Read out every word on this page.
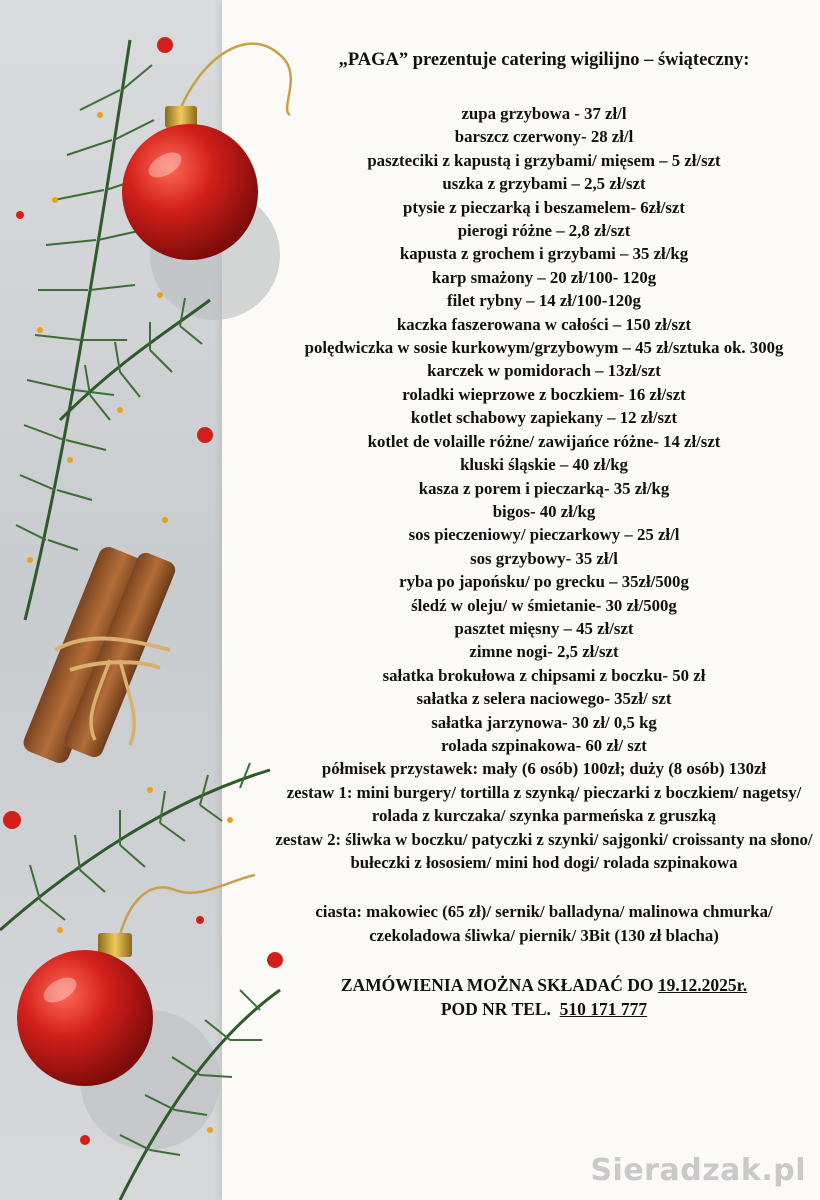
„PAGA” prezentuje catering wigilijno – świąteczny:
zupa grzybowa - 37 zł/l
barszcz czerwony- 28 zł/l
paszteciki z kapustą i grzybami/ mięsem – 5 zł/szt
uszka z grzybami – 2,5 zł/szt
ptysie z pieczarką i beszamelem- 6zł/szt
pierogi różne – 2,8 zł/szt
kapusta z grochem i grzybami – 35 zł/kg
karp smażony – 20 zł/100- 120g
filet rybny – 14 zł/100-120g
kaczka faszerowana w całości – 150 zł/szt
polędwiczka w sosie kurkowym/grzybowym – 45 zł/sztuka ok. 300g
karczek w pomidorach – 13zł/szt
roladki wieprzowe z boczkiem- 16 zł/szt
kotlet schabowy zapiekany – 12 zł/szt
kotlet de volaille różne/ zawijańce różne- 14 zł/szt
kluski śląskie – 40 zł/kg
kasza z porem i pieczarką- 35 zł/kg
bigos- 40 zł/kg
sos pieczeniowy/ pieczarkowy – 25 zł/l
sos grzybowy- 35 zł/l
ryba po japońsku/ po grecku – 35zł/500g
śledź w oleju/ w śmietanie- 30 zł/500g
pasztet mięsny – 45 zł/szt
zimne nogi- 2,5 zł/szt
sałatka brokułowa z chipsami z boczku- 50 zł
sałatka z selera naciowego- 35zł/ szt
sałatka jarzynowa- 30 zł/ 0,5 kg
rolada szpinakowa- 60 zł/ szt
półmisek przystawek: mały (6 osób) 100zł; duży (8 osób) 130zł
zestaw 1: mini burgery/ tortilla z szynką/ pieczarki z boczkiem/ nagetsy/ rolada z kurczaka/ szynka parmeńska z gruszką
zestaw 2: śliwka w boczku/ patyczki z szynki/ sajgonki/ croissanty na słono/ bułeczki z łososiem/ mini hod dogi/ rolada szpinakowa
ciasta: makowiec (65 zł)/ sernik/ balladyna/ malinowa chmurka/ czekoladowa śliwka/ piernik/ 3Bit (130 zł blacha)
ZAMÓWIENIA MOŻNA SKŁADAĆ DO 19.12.2025r.
POD NR TEL. 510 171 777
Sieradzak.pl
